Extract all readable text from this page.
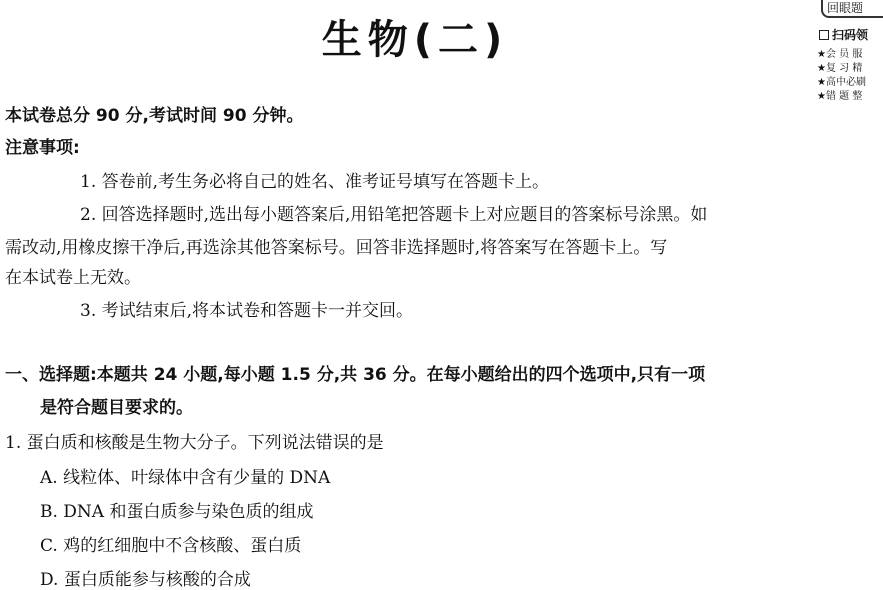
生物(二)
回眼题
扫码领
★会 员 服
★复 习 精
★高中必刷
★错 题 整
本试卷总分 90 分,考试时间 90 分钟。
注意事项:
1. 答卷前,考生务必将自己的姓名、准考证号填写在答题卡上。
2. 回答选择题时,选出每小题答案后,用铅笔把答题卡上对应题目的答案标号涂黑。如
需改动,用橡皮擦干净后,再选涂其他答案标号。回答非选择题时,将答案写在答题卡上。写
在本试卷上无效。
3. 考试结束后,将本试卷和答题卡一并交回。
一、选择题:本题共 24 小题,每小题 1.5 分,共 36 分。在每小题给出的四个选项中,只有一项
是符合题目要求的。
1. 蛋白质和核酸是生物大分子。下列说法错误的是
A. 线粒体、叶绿体中含有少量的 DNA
B. DNA 和蛋白质参与染色质的组成
C. 鸡的红细胞中不含核酸、蛋白质
D. 蛋白质能参与核酸的合成
